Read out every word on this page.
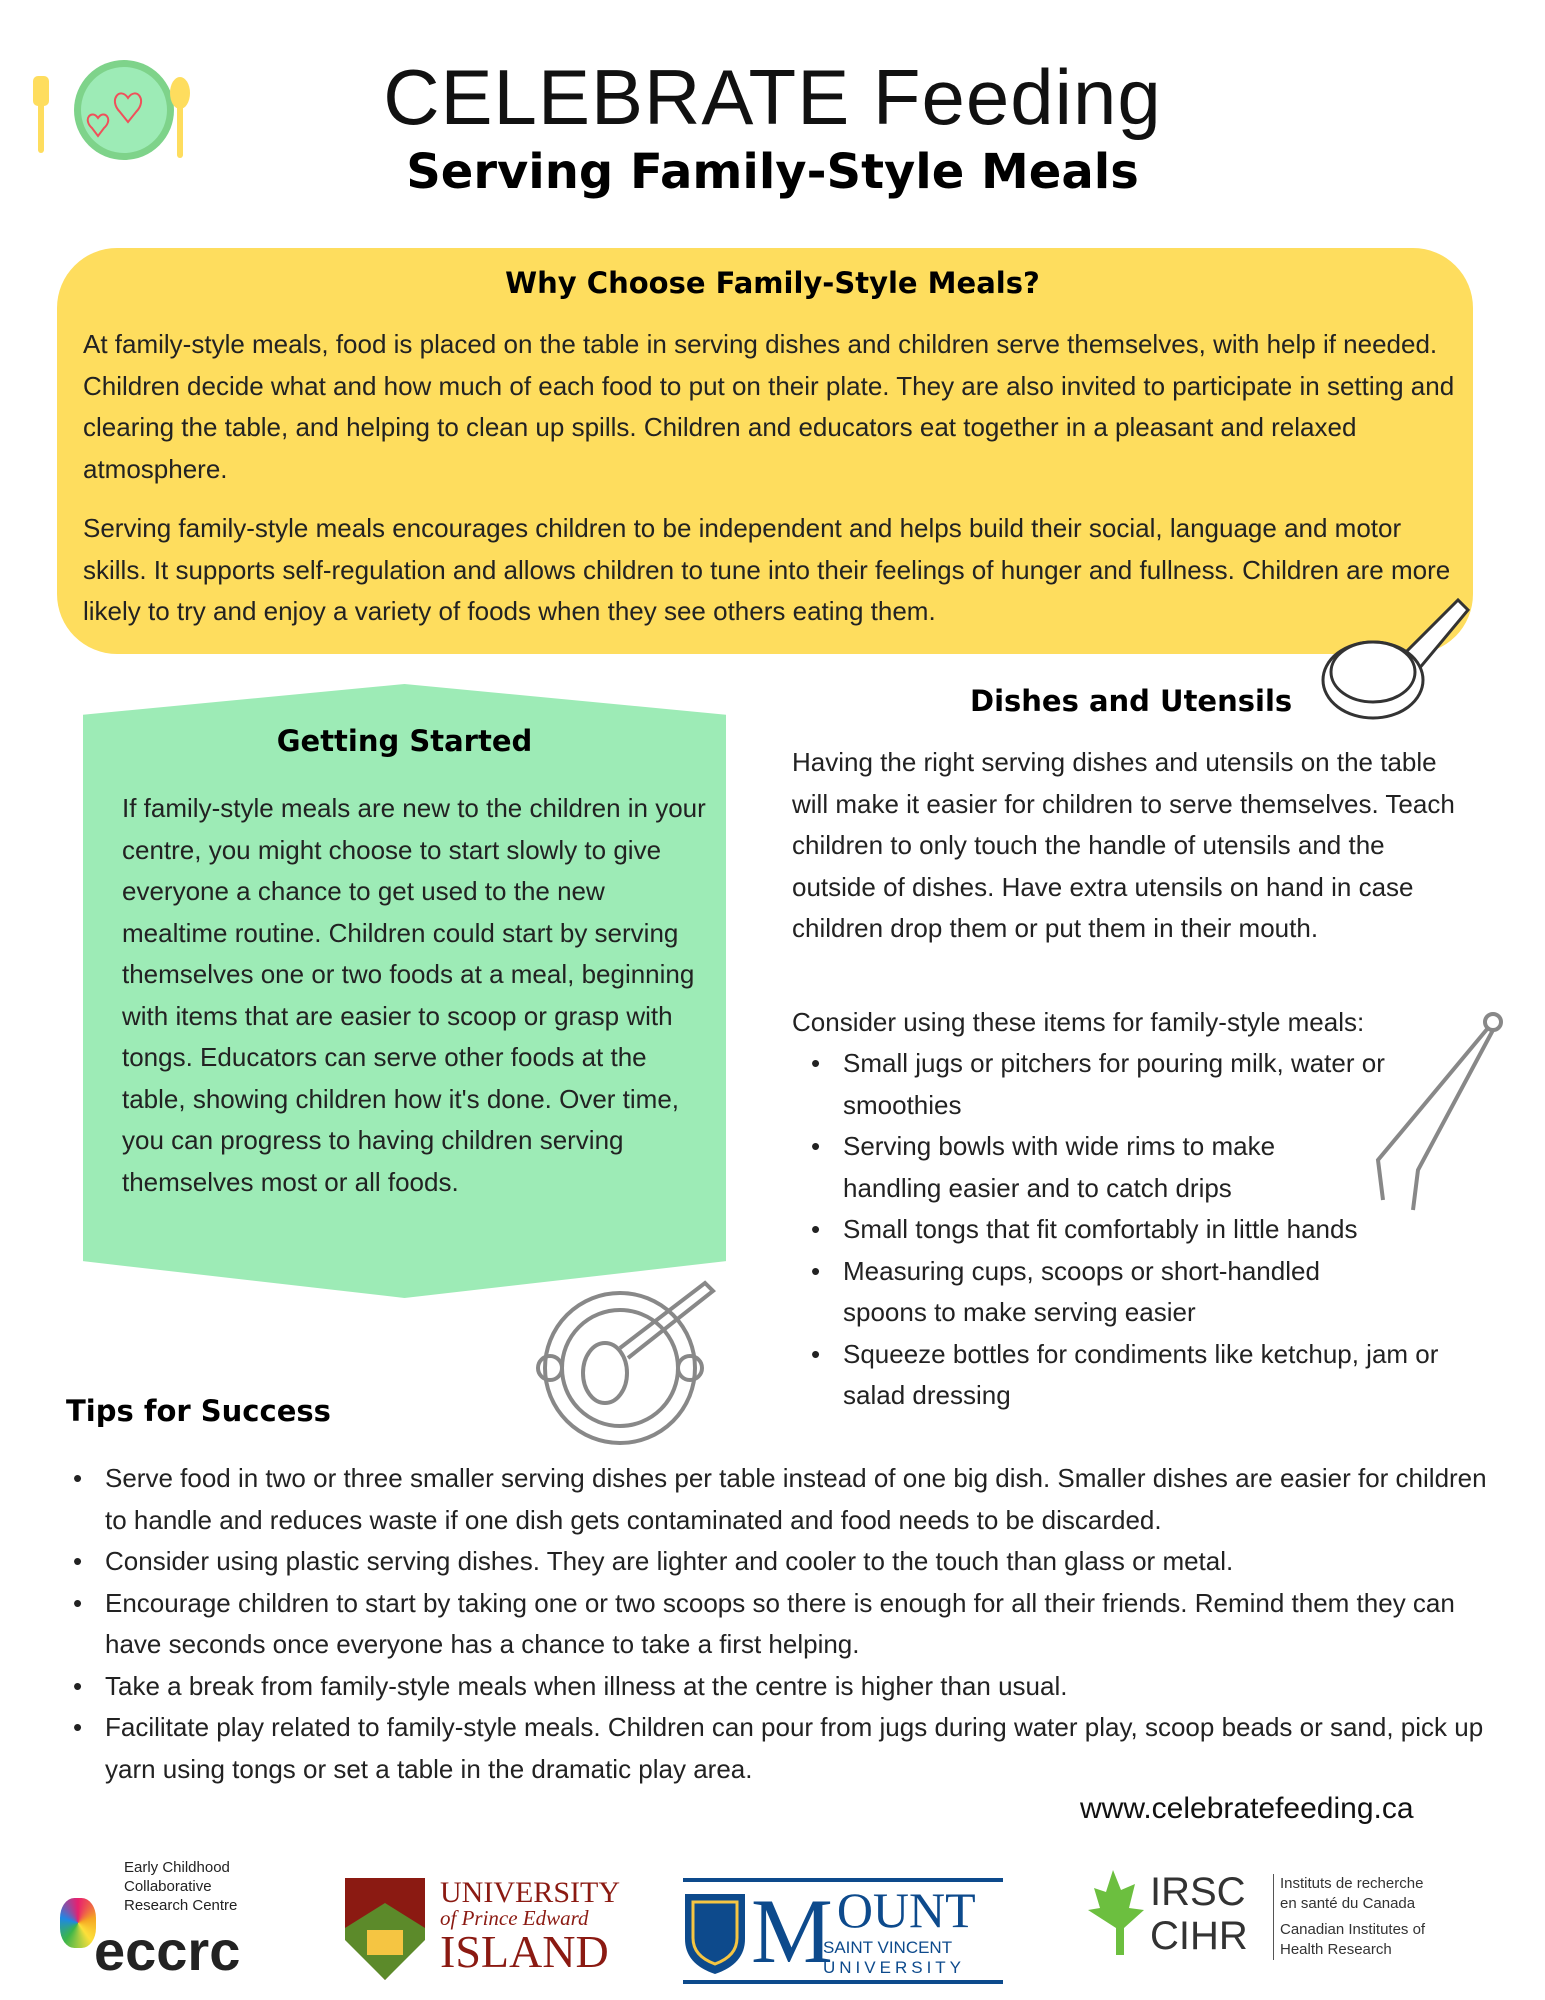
CELEBRATE Feeding
Serving Family-Style Meals
Why Choose Family-Style Meals?

At family-style meals, food is placed on the table in serving dishes and children serve themselves, with help if needed. Children decide what and how much of each food to put on their plate. They are also invited to participate in setting and clearing the table, and helping to clean up spills. Children and educators eat together in a pleasant and relaxed atmosphere.

Serving family-style meals encourages children to be independent and helps build their social, language and motor skills. It supports self-regulation and allows children to tune into their feelings of hunger and fullness. Children are more likely to try and enjoy a variety of foods when they see others eating them.

Getting Started

If family-style meals are new to the children in your centre, you might choose to start slowly to give everyone a chance to get used to the new mealtime routine. Children could start by serving themselves one or two foods at a meal, beginning with items that are easier to scoop or grasp with tongs. Educators can serve other foods at the table, showing children how it's done. Over time, you can progress to having children serving themselves most or all foods.

Dishes and Utensils

Having the right serving dishes and utensils on the table will make it easier for children to serve themselves. Teach children to only touch the handle of utensils and the outside of dishes. Have extra utensils on hand in case children drop them or put them in their mouth.

Consider using these items for family-style meals:

• Small jugs or pitchers for pouring milk, water or smoothies
• Serving bowls with wide rims to make handling easier and to catch drips
• Small tongs that fit comfortably in little hands
• Measuring cups, scoops or short-handled spoons to make serving easier
• Squeeze bottles for condiments like ketchup, jam or salad dressing
Tips for Success
• Serve food in two or three smaller serving dishes per table instead of one big dish. Smaller dishes are easier for children to handle and reduces waste if one dish gets contaminated and food needs to be discarded.
• Consider using plastic serving dishes. They are lighter and cooler to the touch than glass or metal.
• Encourage children to start by taking one or two scoops so there is enough for all their friends. Remind them they can have seconds once everyone has a chance to take a first helping.
• Take a break from family-style meals when illness at the centre is higher than usual.
• Facilitate play related to family-style meals. Children can pour from jugs during water play, scoop beads or sand, pick up yarn using tongs or set a table in the dramatic play area.
www.celebratefeeding.ca
Early Childhood
Collaborative
Research Centre
eccrc
UNIVERSITY
of Prince Edward
ISLAND	MOUNT
SAINT VINCENT
UNIVERSITY
IRSC
CIHR
Instituts de recherche
en santé du Canada
Canadian Institutes of
Health Research
